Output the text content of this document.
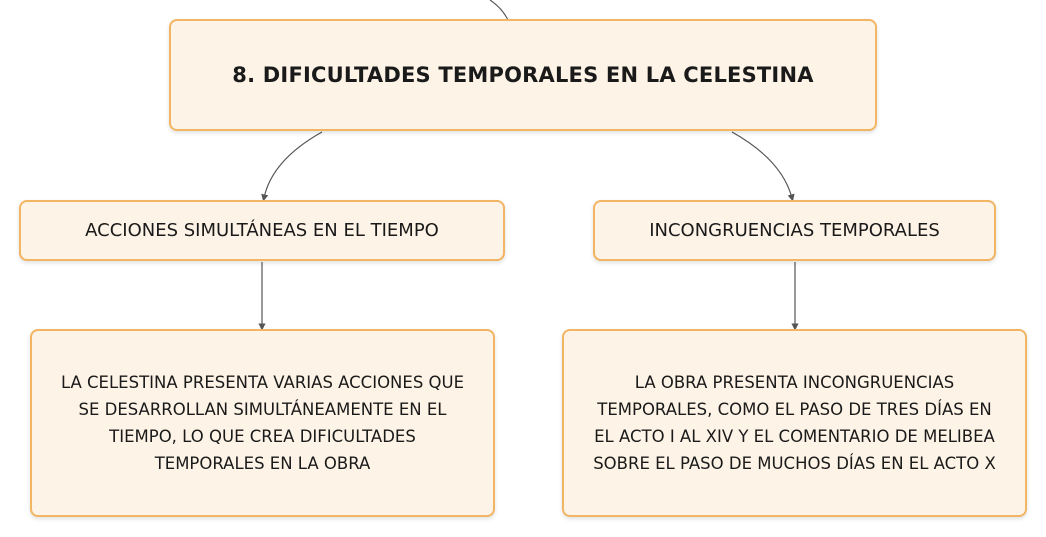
8. DIFICULTADES TEMPORALES EN LA CELESTINA
ACCIONES SIMULTÁNEAS EN EL TIEMPO	INCONGRUENCIAS TEMPORALES
LA CELESTINA PRESENTA VARIAS ACCIONES QUE
SE DESARROLLAN SIMULTÁNEAMENTE EN EL
TIEMPO, LO QUE CREA DIFICULTADES
TEMPORALES EN LA OBRA
LA OBRA PRESENTA INCONGRUENCIAS
TEMPORALES, COMO EL PASO DE TRES DÍAS EN
EL ACTO I AL XIV Y EL COMENTARIO DE MELIBEA
SOBRE EL PASO DE MUCHOS DÍAS EN EL ACTO X
